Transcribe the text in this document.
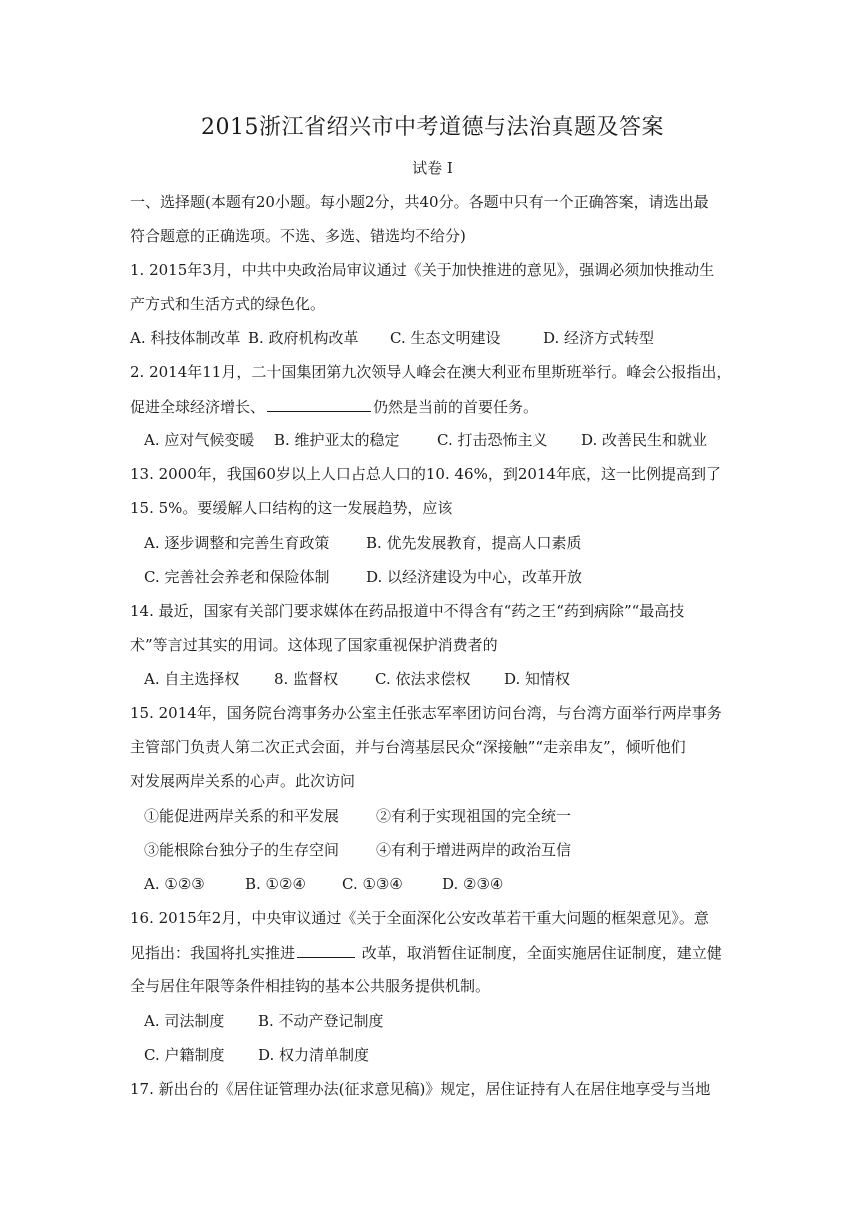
2015浙江省绍兴市中考道德与法治真题及答案
试卷 I
一、选择题(本题有20小题。每小题2分，共40分。各题中只有一个正确答案，请选出最
符合题意的正确选项。不选、多选、错选均不给分)
1. 2015年3月，中共中央政治局审议通过《关于加快推进的意见》，强调必须加快推动生
产方式和生活方式的绿色化。
A. 科技体制改革 B. 政府机构改革 C. 生态文明建设	D. 经济方式转型
2. 2014年11月，二十国集团第九次领导人峰会在澳大利亚布里斯班举行。峰会公报指出，
促进全球经济增长、	仍然是当前的首要任务。
A. 应对气候变暖 B. 维护亚太的稳定 C. 打击恐怖主义 D. 改善民生和就业
13. 2000年，我国60岁以上人口占总人口的10. 46%，到2014年底，这一比例提高到了
15. 5%。要缓解人口结构的这一发展趋势，应该
A. 逐步调整和完善生育政策 B. 优先发展教育，提高人口素质
C. 完善社会养老和保险体制 D. 以经济建设为中心，改革开放
14. 最近，国家有关部门要求媒体在药品报道中不得含有“药之王“药到病除”“最高技
术”等言过其实的用词。这体现了国家重视保护消费者的
A. 自主选择权 8. 监督权 C. 依法求偿权 D. 知情权
15. 2014年，国务院台湾事务办公室主任张志军率团访问台湾，与台湾方面举行两岸事务
主管部门负责人第二次正式会面，并与台湾基层民众“深接触”“走亲串友”，倾听他们
对发展两岸关系的心声。此次访问
①能促进两岸关系的和平发展 ②有利于实现祖国的完全统一
③能根除台独分子的生存空间 ④有利于增进两岸的政治互信
A. ①②③	B. ①②④ C. ①③④	D. ②③④
16. 2015年2月，中央审议通过《关于全面深化公安改革若干重大问题的框架意见》。意
见指出：我国将扎实推进	改革，取消暂住证制度，全面实施居住证制度，建立健
全与居住年限等条件相挂钩的基本公共服务提供机制。
A. 司法制度 B. 不动产登记制度
C. 户籍制度 D. 权力清单制度
17. 新出台的《居住证管理办法(征求意见稿)》规定，居住证持有人在居住地享受与当地
